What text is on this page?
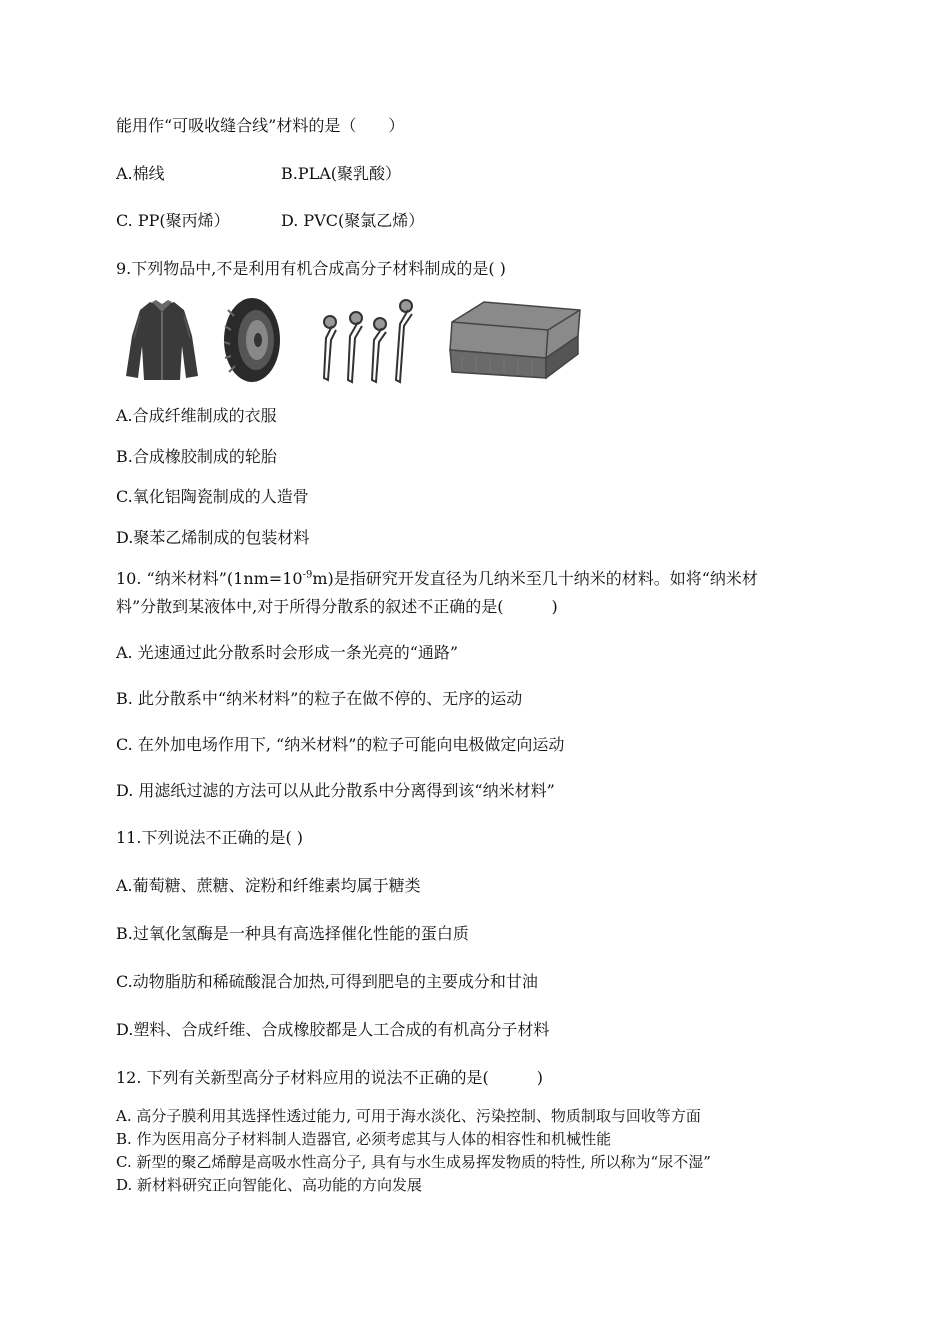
能用作“可吸收缝合线”材料的是（　　）
A.棉线	B.PLA(聚乳酸）
C. PP(聚丙烯）	D. PVC(聚氯乙烯）
9.下列物品中,不是利用有机合成高分子材料制成的是( )
A.合成纤维制成的衣服
B.合成橡胶制成的轮胎
C.氧化铝陶瓷制成的人造骨
D.聚苯乙烯制成的包装材料
10. “纳米材料$”(1nm=10^{-9}m)$是指研究开发直径为几纳米至几十纳米的材料。如将“纳米材
料”分散到某液体中,对于所得分散系的叙述不正确的是(　　　)
A. 光速通过此分散系时会形成一条光亮的“通路”
B. 此分散系中“纳米材料”的粒子在做不停的、无序的运动
C. 在外加电场作用下, “纳米材料”的粒子可能向电极做定向运动
D. 用滤纸过滤的方法可以从此分散系中分离得到该“纳米材料”
11.下列说法不正确的是( )
A.葡萄糖、蔗糖、淀粉和纤维素均属于糖类
B.过氧化氢酶是一种具有高选择催化性能的蛋白质
C.动物脂肪和稀硫酸混合加热,可得到肥皂的主要成分和甘油
D.塑料、合成纤维、合成橡胶都是人工合成的有机高分子材料
12. 下列有关新型高分子材料应用的说法不正确的是(　　　)
A. 高分子膜利用其选择性透过能力, 可用于海水淡化、污染控制、物质制取与回收等方面
B. 作为医用高分子材料制人造器官, 必须考虑其与人体的相容性和机械性能
C. 新型的聚乙烯醇是高吸水性高分子, 具有与水生成易挥发物质的特性, 所以称为“尿不湿”
D. 新材料研究正向智能化、高功能的方向发展
